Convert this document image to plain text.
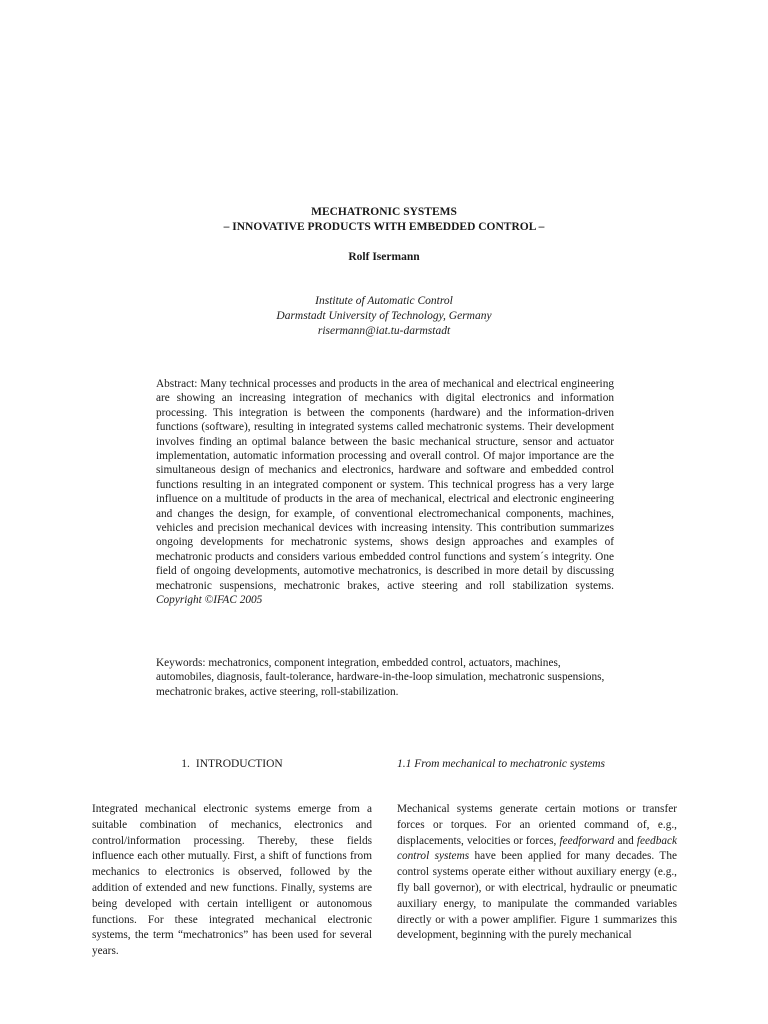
MECHATRONIC SYSTEMS
– INNOVATIVE PRODUCTS WITH EMBEDDED CONTROL –
Rolf Isermann
Institute of Automatic Control
Darmstadt University of Technology, Germany
risermann@iat.tu-darmstadt
Abstract: Many technical processes and products in the area of mechanical and electrical engineering are showing an increasing integration of mechanics with digital electronics and information processing. This integration is between the components (hardware) and the information-driven functions (software), resulting in integrated systems called mechatronic systems. Their development involves finding an optimal balance between the basic mechanical structure, sensor and actuator implementation, automatic information processing and overall control. Of major importance are the simultaneous design of mechanics and electronics, hardware and software and embedded control functions resulting in an integrated component or system. This technical progress has a very large influence on a multitude of products in the area of mechanical, electrical and electronic engineering and changes the design, for example, of conventional electromechanical components, machines, vehicles and precision mechanical devices with increasing intensity. This contribution summarizes ongoing developments for mechatronic systems, shows design approaches and examples of mechatronic products and considers various embedded control functions and system´s integrity. One field of ongoing developments, automotive mechatronics, is described in more detail by discussing mechatronic suspensions, mechatronic brakes, active steering and roll stabilization systems. Copyright ©IFAC 2005
Keywords: mechatronics, component integration, embedded control, actuators, machines, automobiles, diagnosis, fault-tolerance, hardware-in-the-loop simulation, mechatronic suspensions, mechatronic brakes, active steering, roll-stabilization.
1. INTRODUCTION	1.1 From mechanical to mechatronic systems
Integrated mechanical electronic systems emerge from a suitable combination of mechanics, electronics and control/information processing. Thereby, these fields influence each other mutually. First, a shift of functions from mechanics to electronics is observed, followed by the addition of extended and new functions. Finally, systems are being developed with certain intelligent or autonomous functions. For these integrated mechanical electronic systems, the term “mechatronics” has been used for several years.
Mechanical systems generate certain motions or transfer forces or torques. For an oriented command of, e.g., displacements, velocities or forces, feedforward and feedback control systems have been applied for many decades. The control systems operate either without auxiliary energy (e.g., fly ball governor), or with electrical, hydraulic or pneumatic auxiliary energy, to manipulate the commanded variables directly or with a power amplifier. Figure 1 summarizes this development, beginning with the purely mechanical
